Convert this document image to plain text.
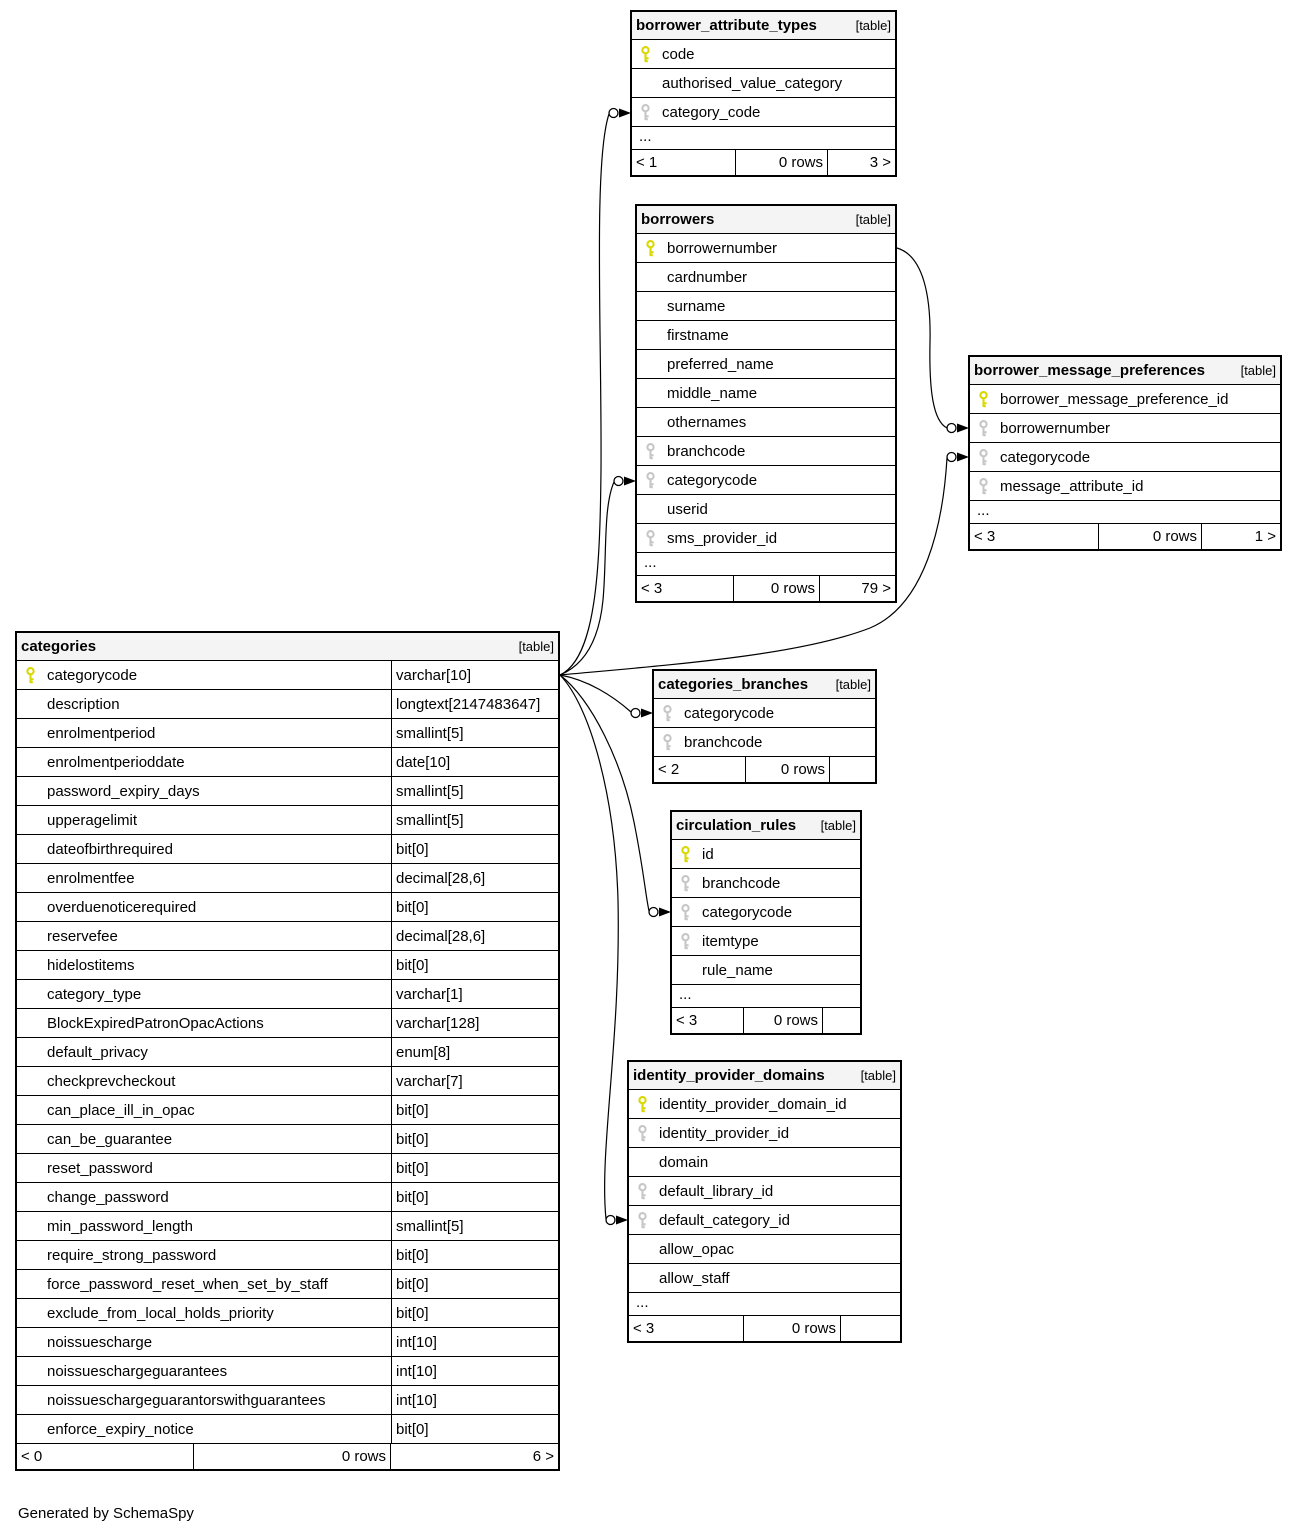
borrower_attribute_types	[table]
code
authorised_value_category
category_code
...
< 1	0 rows	3 >
borrowers	[table]
borrowernumber
cardnumber
surname
firstname
preferred_name
middle_name
othernames
branchcode
categorycode
userid
sms_provider_id
...
< 3	0 rows	79 >
borrower_message_preferences	[table]
borrower_message_preference_id
borrowernumber
categorycode
message_attribute_id
...
< 3	0 rows	1 >
categories	[table]
categorycode	varchar[10]
description	longtext[2147483647]
enrolmentperiod	smallint[5]
enrolmentperioddate	date[10]
password_expiry_days	smallint[5]
upperagelimit	smallint[5]
dateofbirthrequired	bit[0]
enrolmentfee	decimal[28,6]
overduenoticerequired	bit[0]
reservefee	decimal[28,6]
hidelostitems	bit[0]
category_type	varchar[1]
BlockExpiredPatronOpacActions	varchar[128]
default_privacy	enum[8]
checkprevcheckout	varchar[7]
can_place_ill_in_opac	bit[0]
can_be_guarantee	bit[0]
reset_password	bit[0]
change_password	bit[0]
min_password_length	smallint[5]
require_strong_password	bit[0]
force_password_reset_when_set_by_staff	bit[0]
exclude_from_local_holds_priority	bit[0]
noissuescharge	int[10]
noissueschargeguarantees	int[10]
noissueschargeguarantorswithguarantees	int[10]
enforce_expiry_notice	bit[0]
< 0	0 rows	6 >
categories_branches [table]
categorycode
branchcode
< 2	0 rows
circulation_rules [table]
id
branchcode
categorycode
itemtype
rule_name
...
< 3	0 rows
identity_provider_domains	[table]
identity_provider_domain_id
identity_provider_id
domain
default_library_id
default_category_id
allow_opac
allow_staff
...
< 3	0 rows
Generated by SchemaSpy
